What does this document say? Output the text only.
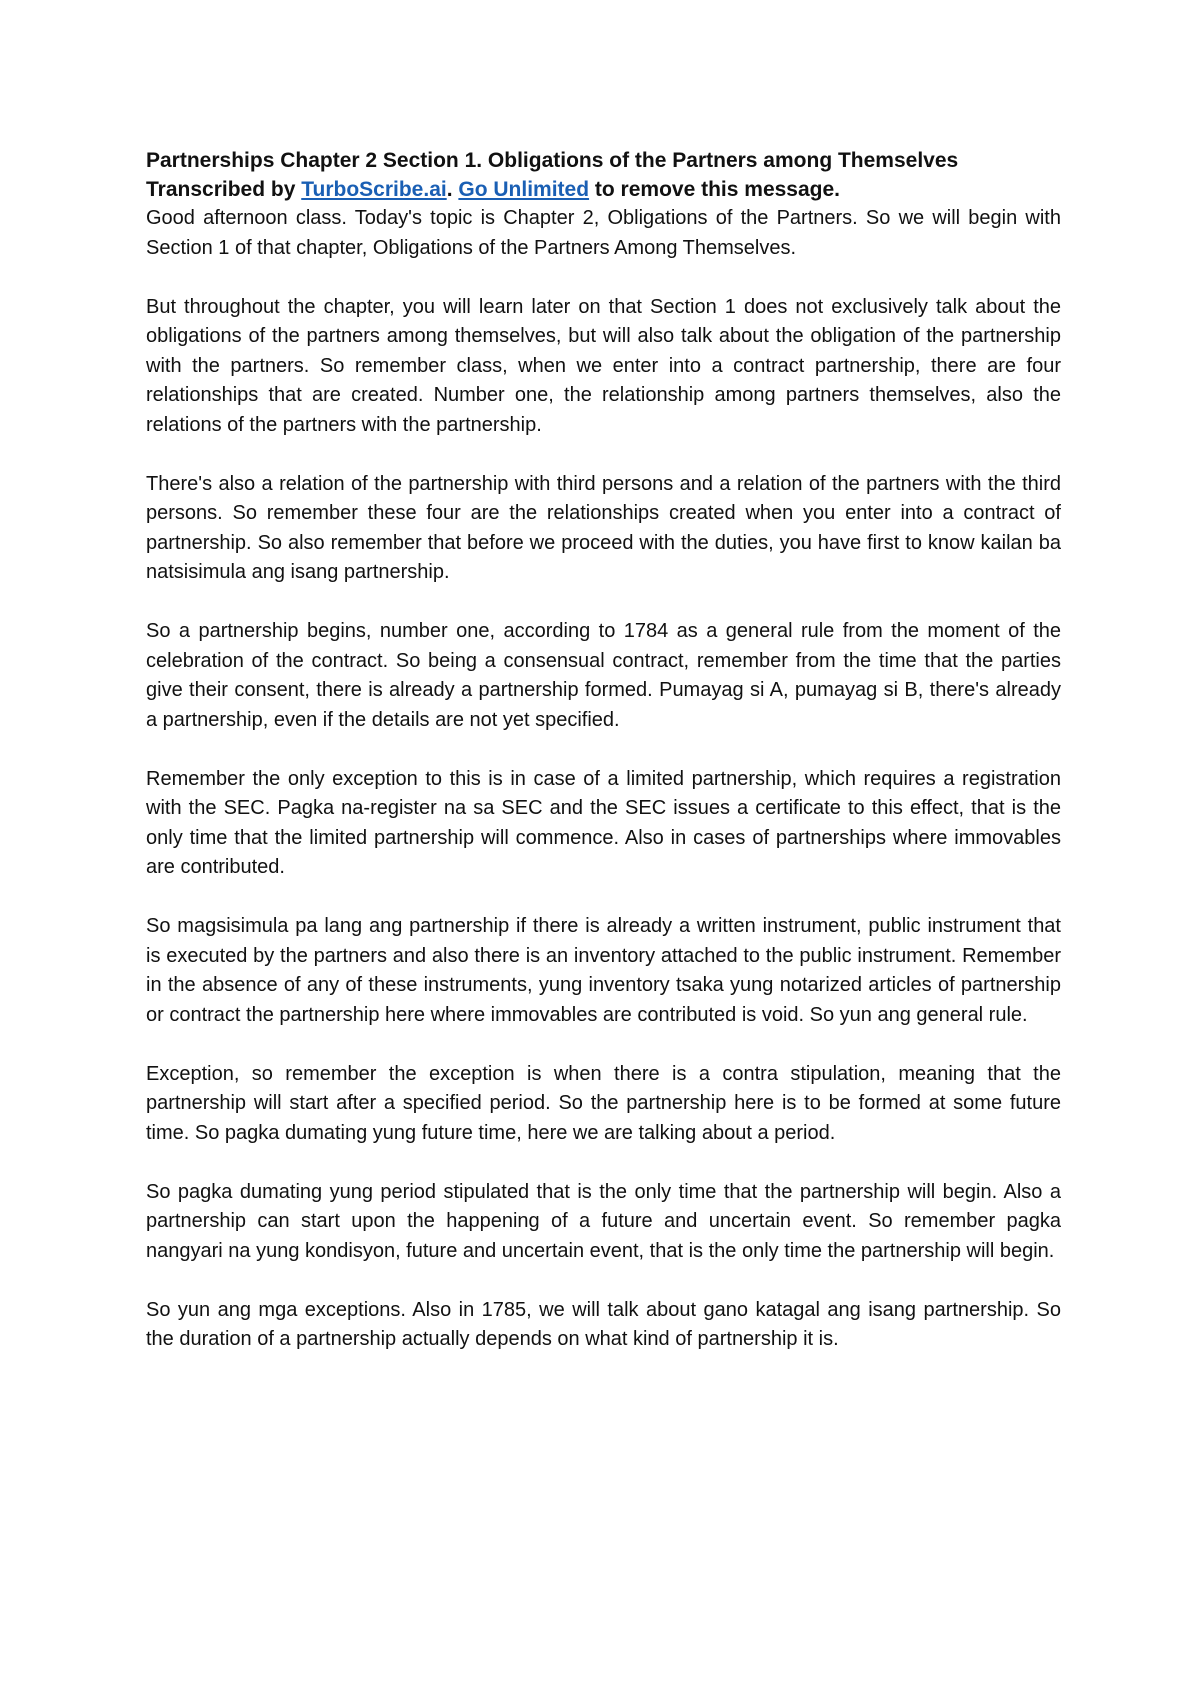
Partnerships Chapter 2 Section 1. Obligations of the Partners among Themselves

Transcribed by TurboScribe.ai. Go Unlimited to remove this message.

Good afternoon class. Today's topic is Chapter 2, Obligations of the Partners. So we will begin with Section 1 of that chapter, Obligations of the Partners Among Themselves.

But throughout the chapter, you will learn later on that Section 1 does not exclusively talk about the obligations of the partners among themselves, but will also talk about the obligation of the partnership with the partners. So remember class, when we enter into a contract partnership, there are four relationships that are created. Number one, the relationship among partners themselves, also the relations of the partners with the partnership.

There's also a relation of the partnership with third persons and a relation of the partners with the third persons. So remember these four are the relationships created when you enter into a contract of partnership. So also remember that before we proceed with the duties, you have first to know kailan ba natsisimula ang isang partnership.

So a partnership begins, number one, according to 1784 as a general rule from the moment of the celebration of the contract. So being a consensual contract, remember from the time that the parties give their consent, there is already a partnership formed. Pumayag si A, pumayag si B, there's already a partnership, even if the details are not yet specified.

Remember the only exception to this is in case of a limited partnership, which requires a registration with the SEC. Pagka na-register na sa SEC and the SEC issues a certificate to this effect, that is the only time that the limited partnership will commence. Also in cases of partnerships where immovables are contributed.

So magsisimula pa lang ang partnership if there is already a written instrument, public instrument that is executed by the partners and also there is an inventory attached to the public instrument. Remember in the absence of any of these instruments, yung inventory tsaka yung notarized articles of partnership or contract the partnership here where immovables are contributed is void. So yun ang general rule.

Exception, so remember the exception is when there is a contra stipulation, meaning that the partnership will start after a specified period. So the partnership here is to be formed at some future time. So pagka dumating yung future time, here we are talking about a period.

So pagka dumating yung period stipulated that is the only time that the partnership will begin. Also a partnership can start upon the happening of a future and uncertain event. So remember pagka nangyari na yung kondisyon, future and uncertain event, that is the only time the partnership will begin.

So yun ang mga exceptions. Also in 1785, we will talk about gano katagal ang isang partnership. So the duration of a partnership actually depends on what kind of partnership it is.
